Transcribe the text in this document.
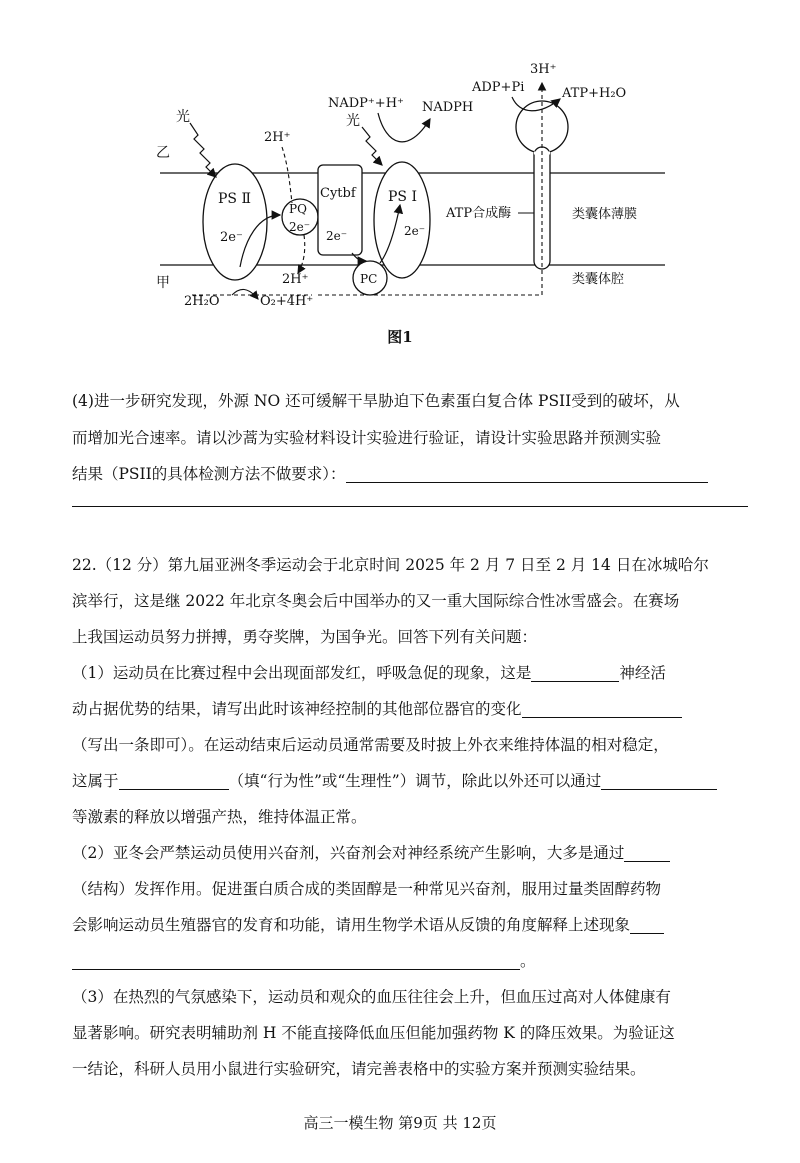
PS Ⅱ
2e⁻
PQ
2e⁻
Cytbf
2e⁻
PS Ⅰ
2e⁻
PC
ATP合成酶
乙
甲
类囊体薄膜
类囊体腔
光	光
2H⁺
2H⁺
2H₂O	O₂+4H⁺
NADP⁺+H⁺ NADPH
ADP+Pi
3H⁺
ATP+H₂O
图1
(4)进一步研究发现，外源 NO 还可缓解干旱胁迫下色素蛋白复合体 PSII受到的破坏，从
而增加光合速率。请以沙蒿为实验材料设计实验进行验证，请设计实验思路并预测实验
结果（PSII的具体检测方法不做要求）：
22.（12 分）第九届亚洲冬季运动会于北京时间 2025 年 2 月 7 日至 2 月 14 日在冰城哈尔
滨举行，这是继 2022 年北京冬奥会后中国举办的又一重大国际综合性冰雪盛会。在赛场
上我国运动员努力拼搏，勇夺奖牌，为国争光。回答下列有关问题：
（1）运动员在比赛过程中会出现面部发红，呼吸急促的现象，这是	神经活
动占据优势的结果，请写出此时该神经控制的其他部位器官的变化
（写出一条即可）。在运动结束后运动员通常需要及时披上外衣来维持体温的相对稳定，
这属于	（填“行为性”或“生理性”）调节，除此以外还可以通过
等激素的释放以增强产热，维持体温正常。
（2）亚冬会严禁运动员使用兴奋剂，兴奋剂会对神经系统产生影响，大多是通过
（结构）发挥作用。促进蛋白质合成的类固醇是一种常见兴奋剂，服用过量类固醇药物
会影响运动员生殖器官的发育和功能，请用生物学术语从反馈的角度解释上述现象
。
（3）在热烈的气氛感染下，运动员和观众的血压往往会上升，但血压过高对人体健康有
显著影响。研究表明辅助剂 H 不能直接降低血压但能加强药物 K 的降压效果。为验证这
一结论，科研人员用小鼠进行实验研究，请完善表格中的实验方案并预测实验结果。
高三一模生物 第9页 共 12页
